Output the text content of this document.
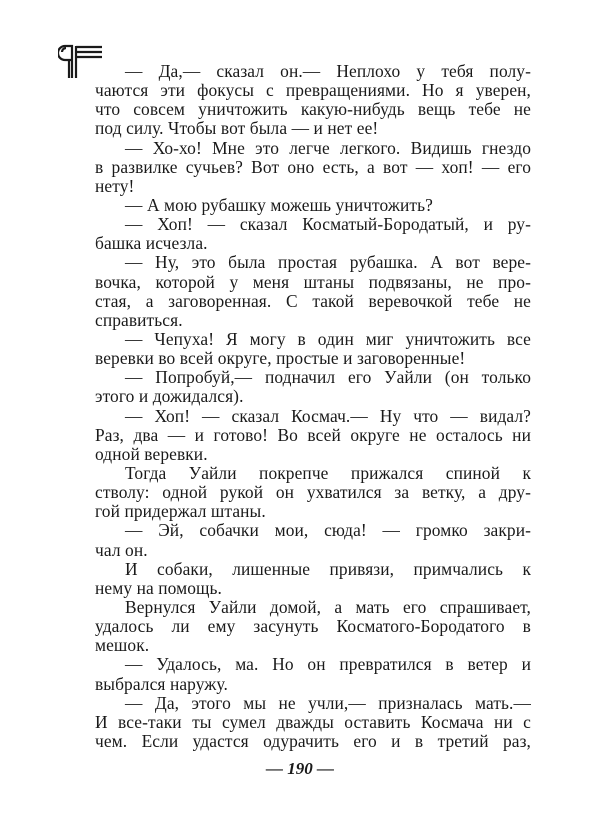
— Да,— сказал он.— Неплохо у тебя полу-
чаются эти фокусы с превращениями. Но я уверен,
что совсем уничтожить какую-нибудь вещь тебе не
под силу. Чтобы вот была — и нет ее!
— Хо-хо! Мне это легче легкого. Видишь гнездо
в развилке сучьев? Вот оно есть, а вот — хоп! — его
нету!
— А мою рубашку можешь уничтожить?
— Хоп! — сказал Косматый-Бородатый, и ру-
башка исчезла.
— Ну, это была простая рубашка. А вот вере-
вочка, которой у меня штаны подвязаны, не про-
стая, а заговоренная. С такой веревочкой тебе не
справиться.
— Чепуха! Я могу в один миг уничтожить все
веревки во всей округе, простые и заговоренные!
— Попробуй,— подначил его Уайли (он только
этого и дожидался).
— Хоп! — сказал Космач.— Ну что — видал?
Раз, два — и готово! Во всей округе не осталось ни
одной веревки.
Тогда Уайли покрепче прижался спиной к
стволу: одной рукой он ухватился за ветку, а дру-
гой придержал штаны.
— Эй, собачки мои, сюда! — громко закри-
чал он.
И собаки, лишенные привязи, примчались к
нему на помощь.
Вернулся Уайли домой, а мать его спрашивает,
удалось ли ему засунуть Косматого-Бородатого в
мешок.
— Удалось, ма. Но он превратился в ветер и
выбрался наружу.
— Да, этого мы не учли,— призналась мать.—
И все-таки ты сумел дважды оставить Космача ни с
чем. Если удастся одурачить его и в третий раз,
— 190 —
